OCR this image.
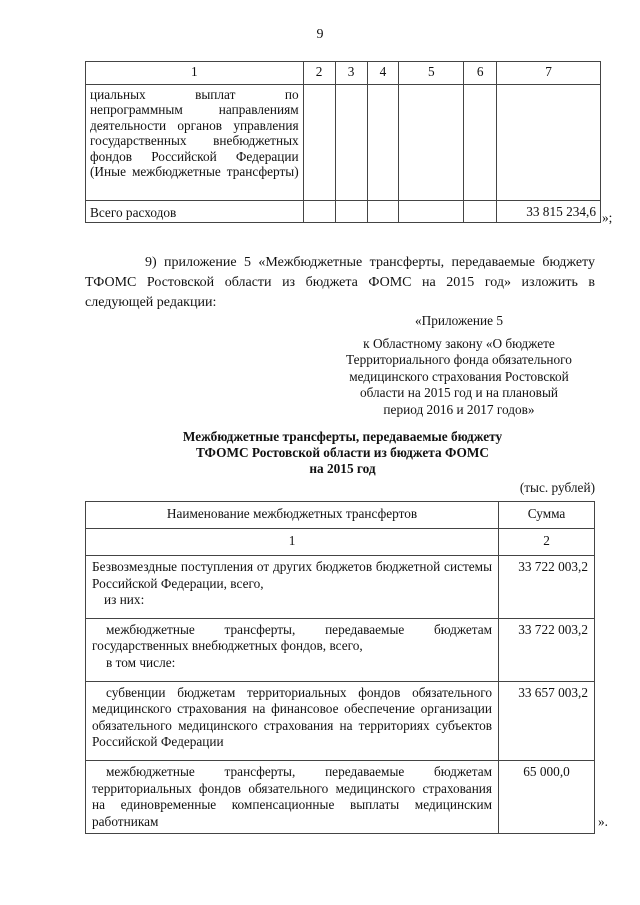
9
1	2	3	4	5	6	7
циальных выплат по непрограммным направлениям деятельности органов управления государственных внебюджетных фондов Российской Федерации (Иные межбюджетные трансферты)						
Всего расходов						33 815 234,6 »;

9) приложение 5 «Межбюджетные трансферты, передаваемые бюджету ТФОМС Ростовской области из бюджета ФОМС на 2015 год» изложить в следующей редакции:

«Приложение 5
к Областному закону «О бюджете
Территориального фонда обязательного
медицинского страхования Ростовской
области на 2015 год и на плановый
период 2016 и 2017 годов»
Межбюджетные трансферты, передаваемые бюджету
ТФОМС Ростовской области из бюджета ФОМС
на 2015 год
(тыс. рублей)
Наименование межбюджетных трансфертов	Сумма
1	2

Безвозмездные поступления от других бюджетов бюджетной системы Российской Федерации, всего,
из них:	33 722 003,2

межбюджетные трансферты, передаваемые бюджетам государственных внебюджетных фондов, всего,
в том числе:	33 722 003,2

субвенции бюджетам территориальных фондов обязательного медицинского страхования на финансовое обеспечение организации обязательного медицинского страхования на территориях субъектов Российской Федерации	33 657 003,2

межбюджетные трансферты, передаваемые бюджетам территориальных фондов обязательного медицинского страхования на единовременные компенсационные выплаты медицинским работникам	65 000,0
».
